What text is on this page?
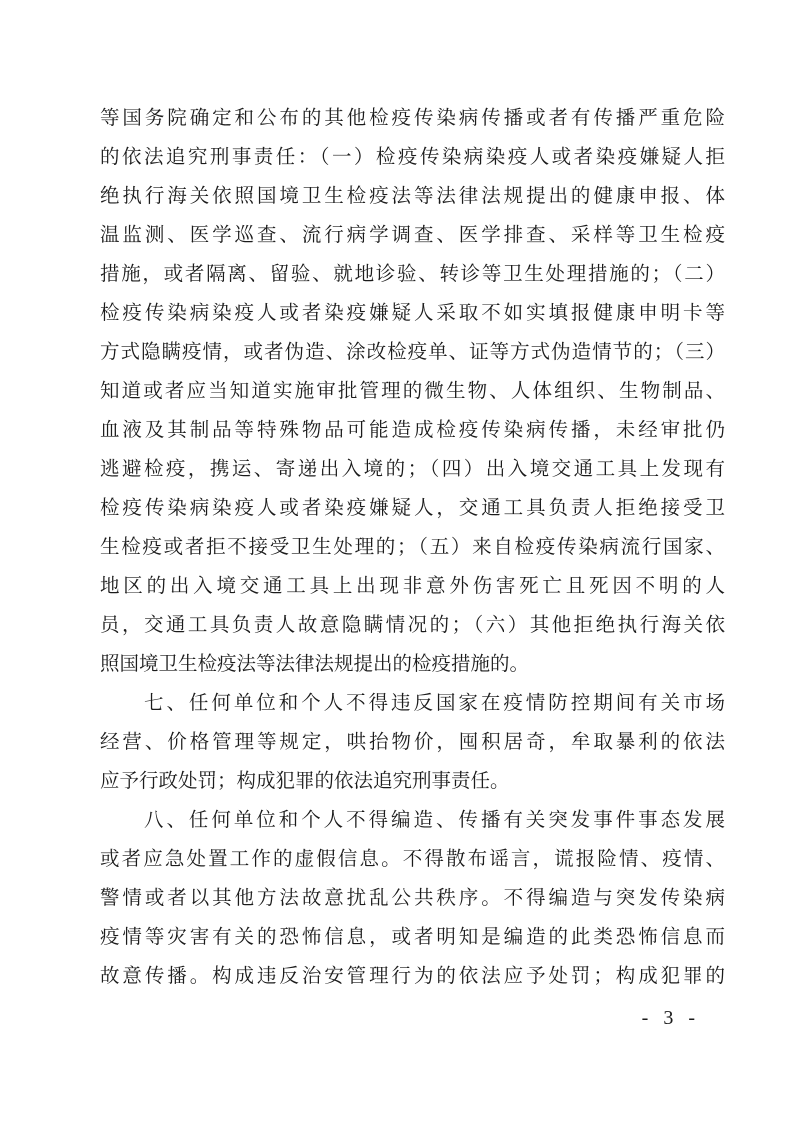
等国务院确定和公布的其他检疫传染病传播或者有传播严重危险
的依法追究刑事责任：（一）检疫传染病染疫人或者染疫嫌疑人拒
绝执行海关依照国境卫生检疫法等法律法规提出的健康申报、体
温监测、医学巡查、流行病学调查、医学排查、采样等卫生检疫
措施，或者隔离、留验、就地诊验、转诊等卫生处理措施的；（二）
检疫传染病染疫人或者染疫嫌疑人采取不如实填报健康申明卡等
方式隐瞒疫情，或者伪造、涂改检疫单、证等方式伪造情节的；（三）
知道或者应当知道实施审批管理的微生物、人体组织、生物制品、
血液及其制品等特殊物品可能造成检疫传染病传播，未经审批仍
逃避检疫，携运、寄递出入境的；（四）出入境交通工具上发现有
检疫传染病染疫人或者染疫嫌疑人，交通工具负责人拒绝接受卫
生检疫或者拒不接受卫生处理的；（五）来自检疫传染病流行国家、
地区的出入境交通工具上出现非意外伤害死亡且死因不明的人
员，交通工具负责人故意隐瞒情况的；（六）其他拒绝执行海关依
照国境卫生检疫法等法律法规提出的检疫措施的。
七、任何单位和个人不得违反国家在疫情防控期间有关市场
经营、价格管理等规定，哄抬物价，囤积居奇，牟取暴利的依法
应予行政处罚；构成犯罪的依法追究刑事责任。
八、任何单位和个人不得编造、传播有关突发事件事态发展
或者应急处置工作的虚假信息。不得散布谣言，谎报险情、疫情、
警情或者以其他方法故意扰乱公共秩序。不得编造与突发传染病
疫情等灾害有关的恐怖信息，或者明知是编造的此类恐怖信息而
故意传播。构成违反治安管理行为的依法应予处罚；构成犯罪的
- 3 -
